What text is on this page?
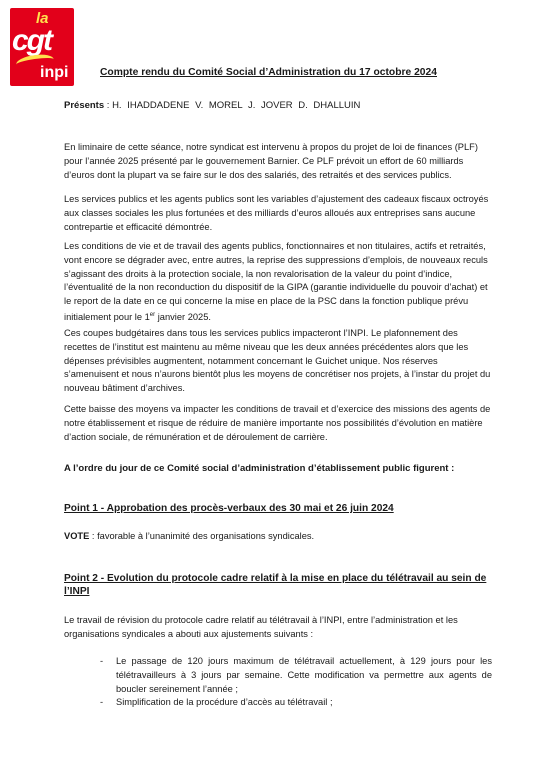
la
cgt
inpi	Compte rendu du Comité Social d’Administration du 17 octobre 2024
Présents : H. IHADDADENE V. MOREL J. JOVER D. DHALLUIN

En liminaire de cette séance, notre syndicat est intervenu à propos du projet de loi de finances (PLF) pour l’année 2025 présenté par le gouvernement Barnier. Ce PLF prévoit un effort de 60 milliards d’euros dont la plupart va se faire sur le dos des salariés, des retraités et des services publics.

Les services publics et les agents publics sont les variables d’ajustement des cadeaux fiscaux octroyés aux classes sociales les plus fortunées et des milliards d’euros alloués aux entreprises sans aucune contrepartie et efficacité démontrée.

Les conditions de vie et de travail des agents publics, fonctionnaires et non titulaires, actifs et retraités, vont encore se dégrader avec, entre autres, la reprise des suppressions d’emplois, de nouveaux reculs s’agissant des droits à la protection sociale, la non revalorisation de la valeur du point d’indice, l’éventualité de la non reconduction du dispositif de la GIPA (garantie individuelle du pouvoir d’achat) et le report de la date en ce qui concerne la mise en place de la PSC dans la fonction publique prévu initialement pour le 1er janvier 2025.

Ces coupes budgétaires dans tous les services publics impacteront l’INPI. Le plafonnement des recettes de l’institut est maintenu au même niveau que les deux années précédentes alors que les dépenses prévisibles augmentent, notamment concernant le Guichet unique. Nos réserves s’amenuisent et nous n’aurons bientôt plus les moyens de concrétiser nos projets, à l’instar du projet du nouveau bâtiment d’archives.

Cette baisse des moyens va impacter les conditions de travail et d’exercice des missions des agents de notre établissement et risque de réduire de manière importante nos possibilités d’évolution en matière d’action sociale, de rémunération et de déroulement de carrière.

A l’ordre du jour de ce Comité social d’administration d’établissement public figurent :

Point 1 - Approbation des procès-verbaux des 30 mai et 26 juin 2024

VOTE : favorable à l’unanimité des organisations syndicales.

Point 2 - Evolution du protocole cadre relatif à la mise en place du télétravail au sein de l’INPI

Le travail de révision du protocole cadre relatif au télétravail à l’INPI, entre l’administration et les organisations syndicales a abouti aux ajustements suivants :

- Le passage de 120 jours maximum de télétravail actuellement, à 129 jours pour les télétravailleurs à 3 jours par semaine. Cette modification va permettre aux agents de boucler sereinement l’année ;

- Simplification de la procédure d’accès au télétravail ;
